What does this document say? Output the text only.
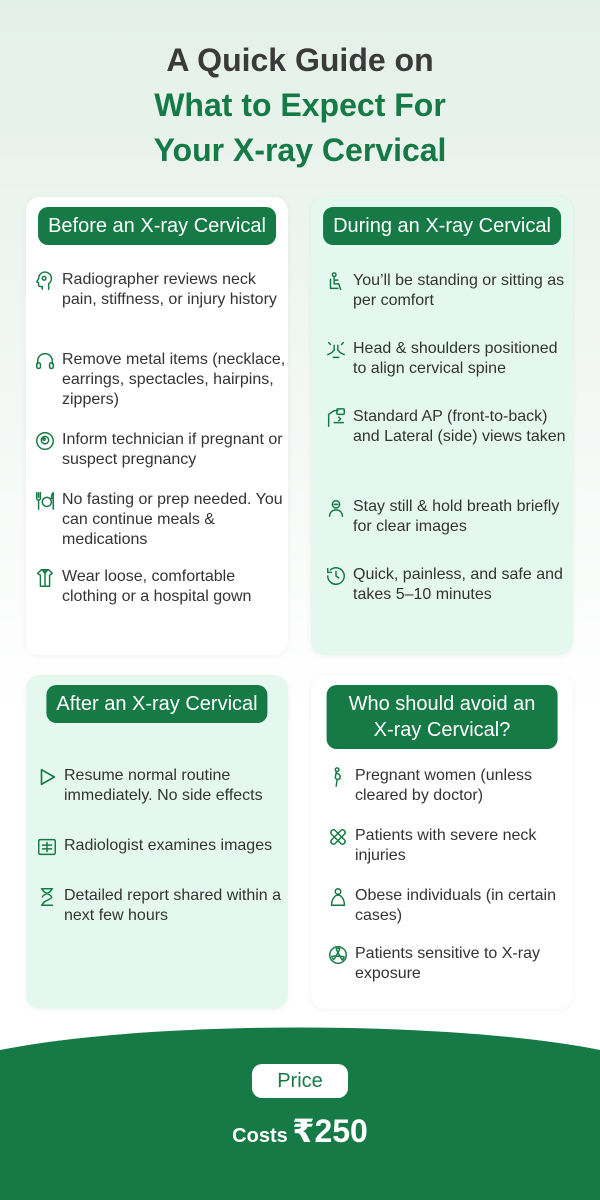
A Quick Guide on
What to Expect For
Your X-ray Cervical
Before an X-ray Cervical
Radiographer reviews neck pain, stiffness, or injury history
Remove metal items (necklace, earrings, spectacles, hairpins, zippers)
Inform technician if pregnant or suspect pregnancy
No fasting or prep needed. You can continue meals & medications
Wear loose, comfortable clothing or a hospital gown
During an X-ray Cervical
You’ll be standing or sitting as per comfort
Head & shoulders positioned to align cervical spine
Standard AP (front-to-back) and Lateral (side) views taken
Stay still & hold breath briefly for clear images
Quick, painless, and safe and takes 5–10 minutes
After an X-ray Cervical
Resume normal routine immediately. No side effects
Radiologist examines images
Detailed report shared within a next few hours
Who should avoid an
X-ray Cervical?
Pregnant women (unless cleared by doctor)
Patients with severe neck injuries
Obese individuals (in certain cases)
Patients sensitive to X-ray exposure
Price
Costs ₹250
